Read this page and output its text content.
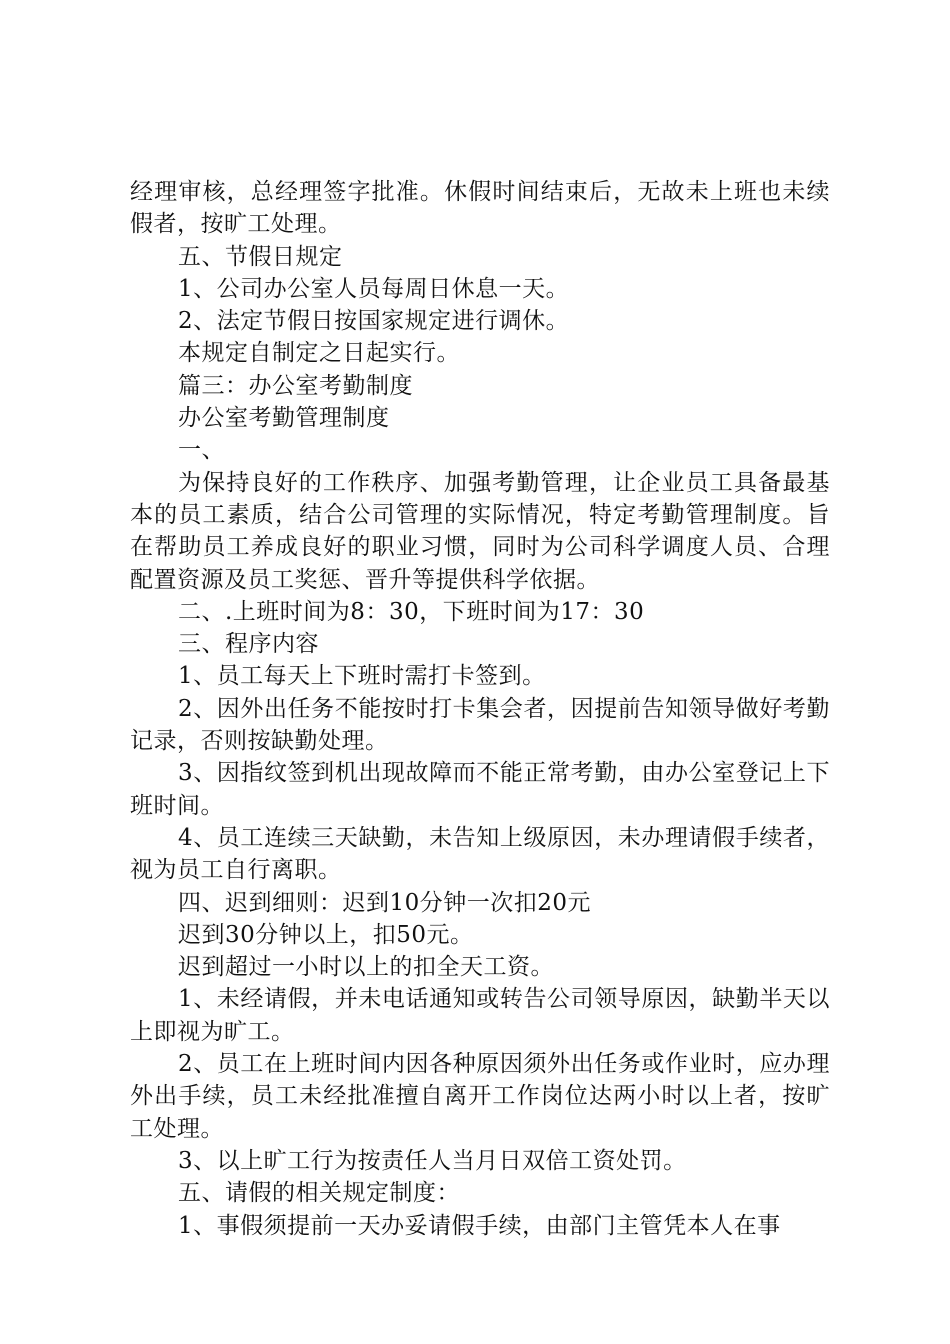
经理审核，总经理签字批准。休假时间结束后，无故未上班也未续假者，按旷工处理。

五、节假日规定

1、公司办公室人员每周日休息一天。

2、法定节假日按国家规定进行调休。

本规定自制定之日起实行。

篇三：办公室考勤制度

办公室考勤管理制度

一、

为保持良好的工作秩序、加强考勤管理，让企业员工具备最基本的员工素质，结合公司管理的实际情况，特定考勤管理制度。旨在帮助员工养成良好的职业习惯，同时为公司科学调度人员、合理配置资源及员工奖惩、晋升等提供科学依据。

二、.上班时间为8：30，下班时间为17：30

三、程序内容

1、员工每天上下班时需打卡签到。

2、因外出任务不能按时打卡集会者，因提前告知领导做好考勤记录，否则按缺勤处理。

3、因指纹签到机出现故障而不能正常考勤，由办公室登记上下班时间。

4、员工连续三天缺勤，未告知上级原因，未办理请假手续者，视为员工自行离职。

四、迟到细则：迟到10分钟一次扣20元

迟到30分钟以上，扣50元。

迟到超过一小时以上的扣全天工资。

1、未经请假，并未电话通知或转告公司领导原因，缺勤半天以上即视为旷工。

2、员工在上班时间内因各种原因须外出任务或作业时，应办理外出手续，员工未经批准擅自离开工作岗位达两小时以上者，按旷工处理。

3、以上旷工行为按责任人当月日双倍工资处罚。

五、请假的相关规定制度：

1、事假须提前一天办妥请假手续，由部门主管凭本人在事
